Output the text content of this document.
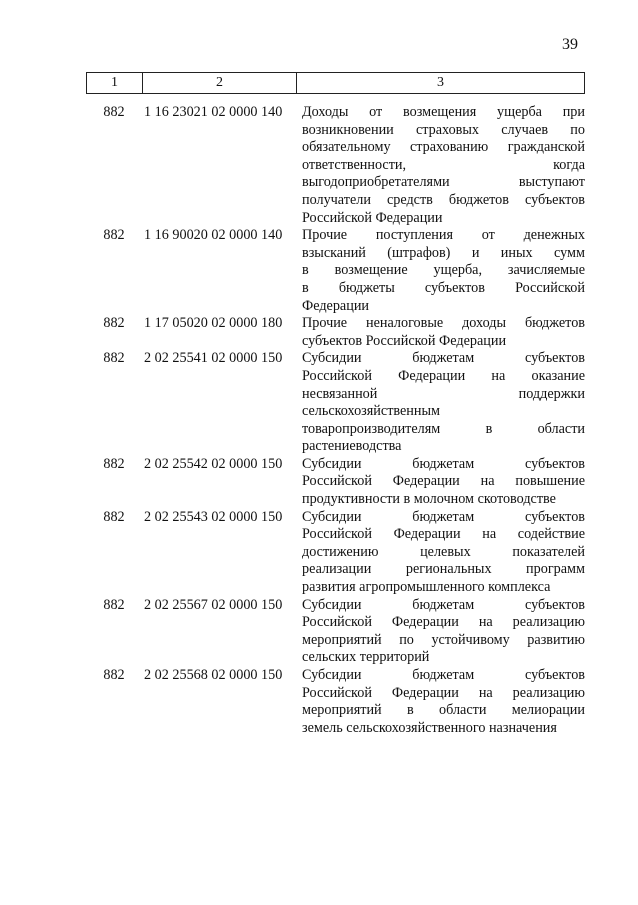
39
1	2	3
882	1 16 23021 02 0000 140	Доходы от возмещения ущерба при
возникновении страховых случаев по
обязательному страхованию гражданской
ответственности, когда
выгодоприобретателями выступают
получатели средств бюджетов субъектов
Российской Федерации
882	1 16 90020 02 0000 140	Прочие поступления от денежных
взысканий (штрафов) и иных сумм
в возмещение ущерба, зачисляемые
в бюджеты субъектов Российской
Федерации
882	1 17 05020 02 0000 180	Прочие неналоговые доходы бюджетов
субъектов Российской Федерации
882	2 02 25541 02 0000 150	Субсидии бюджетам субъектов
Российской Федерации на оказание
несвязанной поддержки
сельскохозяйственным
товаропроизводителям в области
растениеводства
882	2 02 25542 02 0000 150	Субсидии бюджетам субъектов
Российской Федерации на повышение
продуктивности в молочном скотоводстве
882	2 02 25543 02 0000 150	Субсидии бюджетам субъектов
Российской Федерации на содействие
достижению целевых показателей
реализации региональных программ
развития агропромышленного комплекса
882	2 02 25567 02 0000 150	Субсидии бюджетам субъектов
Российской Федерации на реализацию
мероприятий по устойчивому развитию
сельских территорий
882	2 02 25568 02 0000 150	Субсидии бюджетам субъектов
Российской Федерации на реализацию
мероприятий в области мелиорации
земель сельскохозяйственного назначения
